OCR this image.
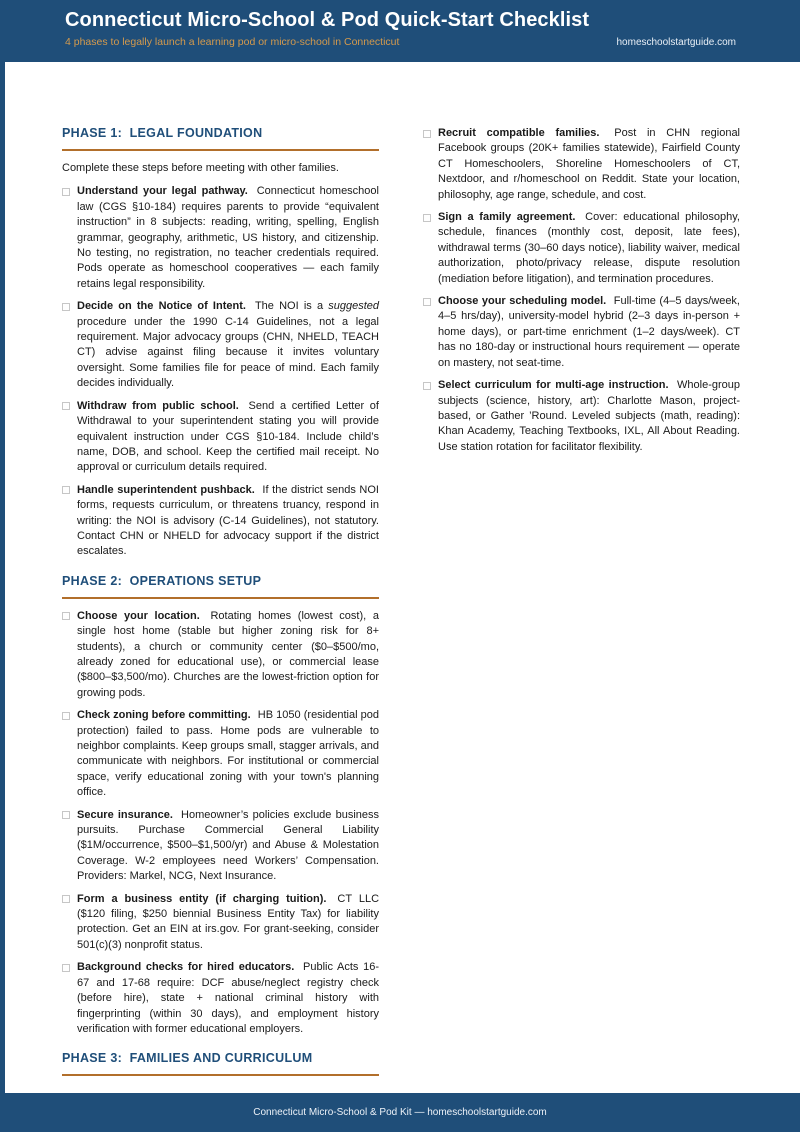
Connecticut Micro-School & Pod Quick-Start Checklist
4 phases to legally launch a learning pod or micro-school in Connecticut	homeschoolstartguide.com
PHASE 1:  LEGAL FOUNDATION

Complete these steps before meeting with other families.

Understand your legal pathway. Connecticut homeschool law (CGS §10-184) requires parents to provide “equivalent instruction” in 8 subjects: reading, writing, spelling, English grammar, geography, arithmetic, US history, and citizenship. No testing, no registration, no teacher credentials required. Pods operate as homeschool cooperatives — each family retains legal responsibility.

Decide on the Notice of Intent. The NOI is a suggested procedure under the 1990 C-14 Guidelines, not a legal requirement. Major advocacy groups (CHN, NHELD, TEACH CT) advise against filing because it invites voluntary oversight. Some families file for peace of mind. Each family decides individually.

Withdraw from public school. Send a certified Letter of Withdrawal to your superintendent stating you will provide equivalent instruction under CGS §10-184. Include child’s name, DOB, and school. Keep the certified mail receipt. No approval or curriculum details required.

Handle superintendent pushback. If the district sends NOI forms, requests curriculum, or threatens truancy, respond in writing: the NOI is advisory (C-14 Guidelines), not statutory. Contact CHN or NHELD for advocacy support if the district escalates.

PHASE 2:  OPERATIONS SETUP

Choose your location. Rotating homes (lowest cost), a single host home (stable but higher zoning risk for 8+ students), a church or community center ($0–$500/mo, already zoned for educational use), or commercial lease ($800–$3,500/mo). Churches are the lowest-friction option for growing pods.

Check zoning before committing. HB 1050 (residential pod protection) failed to pass. Home pods are vulnerable to neighbor complaints. Keep groups small, stagger arrivals, and communicate with neighbors. For institutional or commercial space, verify educational zoning with your town's planning office.

Secure insurance. Homeowner’s policies exclude business pursuits. Purchase Commercial General Liability ($1M/occurrence, $500–$1,500/yr) and Abuse & Molestation Coverage. W-2 employees need Workers’ Compensation. Providers: Markel, NCG, Next Insurance.

Form a business entity (if charging tuition). CT LLC ($120 filing, $250 biennial Business Entity Tax) for liability protection. Get an EIN at irs.gov. For grant-seeking, consider 501(c)(3) nonprofit status.

Background checks for hired educators. Public Acts 16-67 and 17-68 require: DCF abuse/neglect registry check (before hire), state + national criminal history with fingerprinting (within 30 days), and employment history verification with former educational employers.

PHASE 3:  FAMILIES AND CURRICULUM

Recruit compatible families. Post in CHN regional Facebook groups (20K+ families statewide), Fairfield County CT Homeschoolers, Shoreline Homeschoolers of CT, Nextdoor, and r/homeschool on Reddit. State your location, philosophy, age range, schedule, and cost.

Sign a family agreement. Cover: educational philosophy, schedule, finances (monthly cost, deposit, late fees), withdrawal terms (30–60 days notice), liability waiver, medical authorization, photo/privacy release, dispute resolution (mediation before litigation), and termination procedures.

Choose your scheduling model. Full-time (4–5 days/week, 4–5 hrs/day), university-model hybrid (2–3 days in-person + home days), or part-time enrichment (1–2 days/week). CT has no 180-day or instructional hours requirement — operate on mastery, not seat-time.

Select curriculum for multi-age instruction. Whole-group subjects (science, history, art): Charlotte Mason, project-based, or Gather ’Round. Leveled subjects (math, reading): Khan Academy, Teaching Textbooks, IXL, All About Reading. Use station rotation for facilitator flexibility.

Connecticut Micro-School & Pod Kit — homeschoolstartguide.com
